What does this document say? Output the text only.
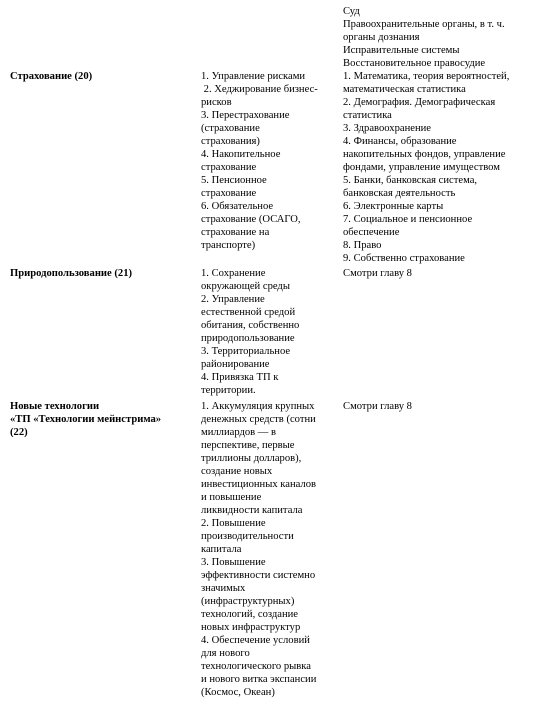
Суд
Правоохранительные органы, в т. ч.
органы дознания
Исправительные системы
Восстановительное правосудие
Страхование (20)	1. Управление рисками
2. Хеджирование бизнес-
рисков
3. Перестрахование
(страхование
страхования)
4. Накопительное
страхование
5. Пенсионное
страхование
6. Обязательное
страхование (ОСАГО,
страхование на
транспорте)
1. Математика, теория вероятностей,
математическая статистика
2. Демография. Демографическая
статистика
3. Здравоохранение
4. Финансы, образование
накопительных фондов, управление
фондами, управление имуществом
5. Банки, банковская система,
банковская деятельность
6. Электронные карты
7. Социальное и пенсионное
обеспечение
8. Право
9. Собственно страхование
Природопользование (21)	1. Сохранение
окружающей среды
2. Управление
естественной средой
обитания, собственно
природопользование
3. Территориальное
районирование
4. Привязка ТП к
территории.
Смотри главу 8
Новые технологии
«ТП «Технологии мейнстрима»
(22)
1. Аккумуляция крупных
денежных средств (сотни
миллиардов — в
перспективе, первые
триллионы долларов),
создание новых
инвестиционных каналов
и повышение
ликвидности капитала
2. Повышение
производительности
капитала
3. Повышение
эффективности системно
значимых
(инфраструктурных)
технологий, создание
новых инфраструктур
4. Обеспечение условий
для нового
технологического рывка
и нового витка экспансии
(Космос, Океан)
Смотри главу 8
